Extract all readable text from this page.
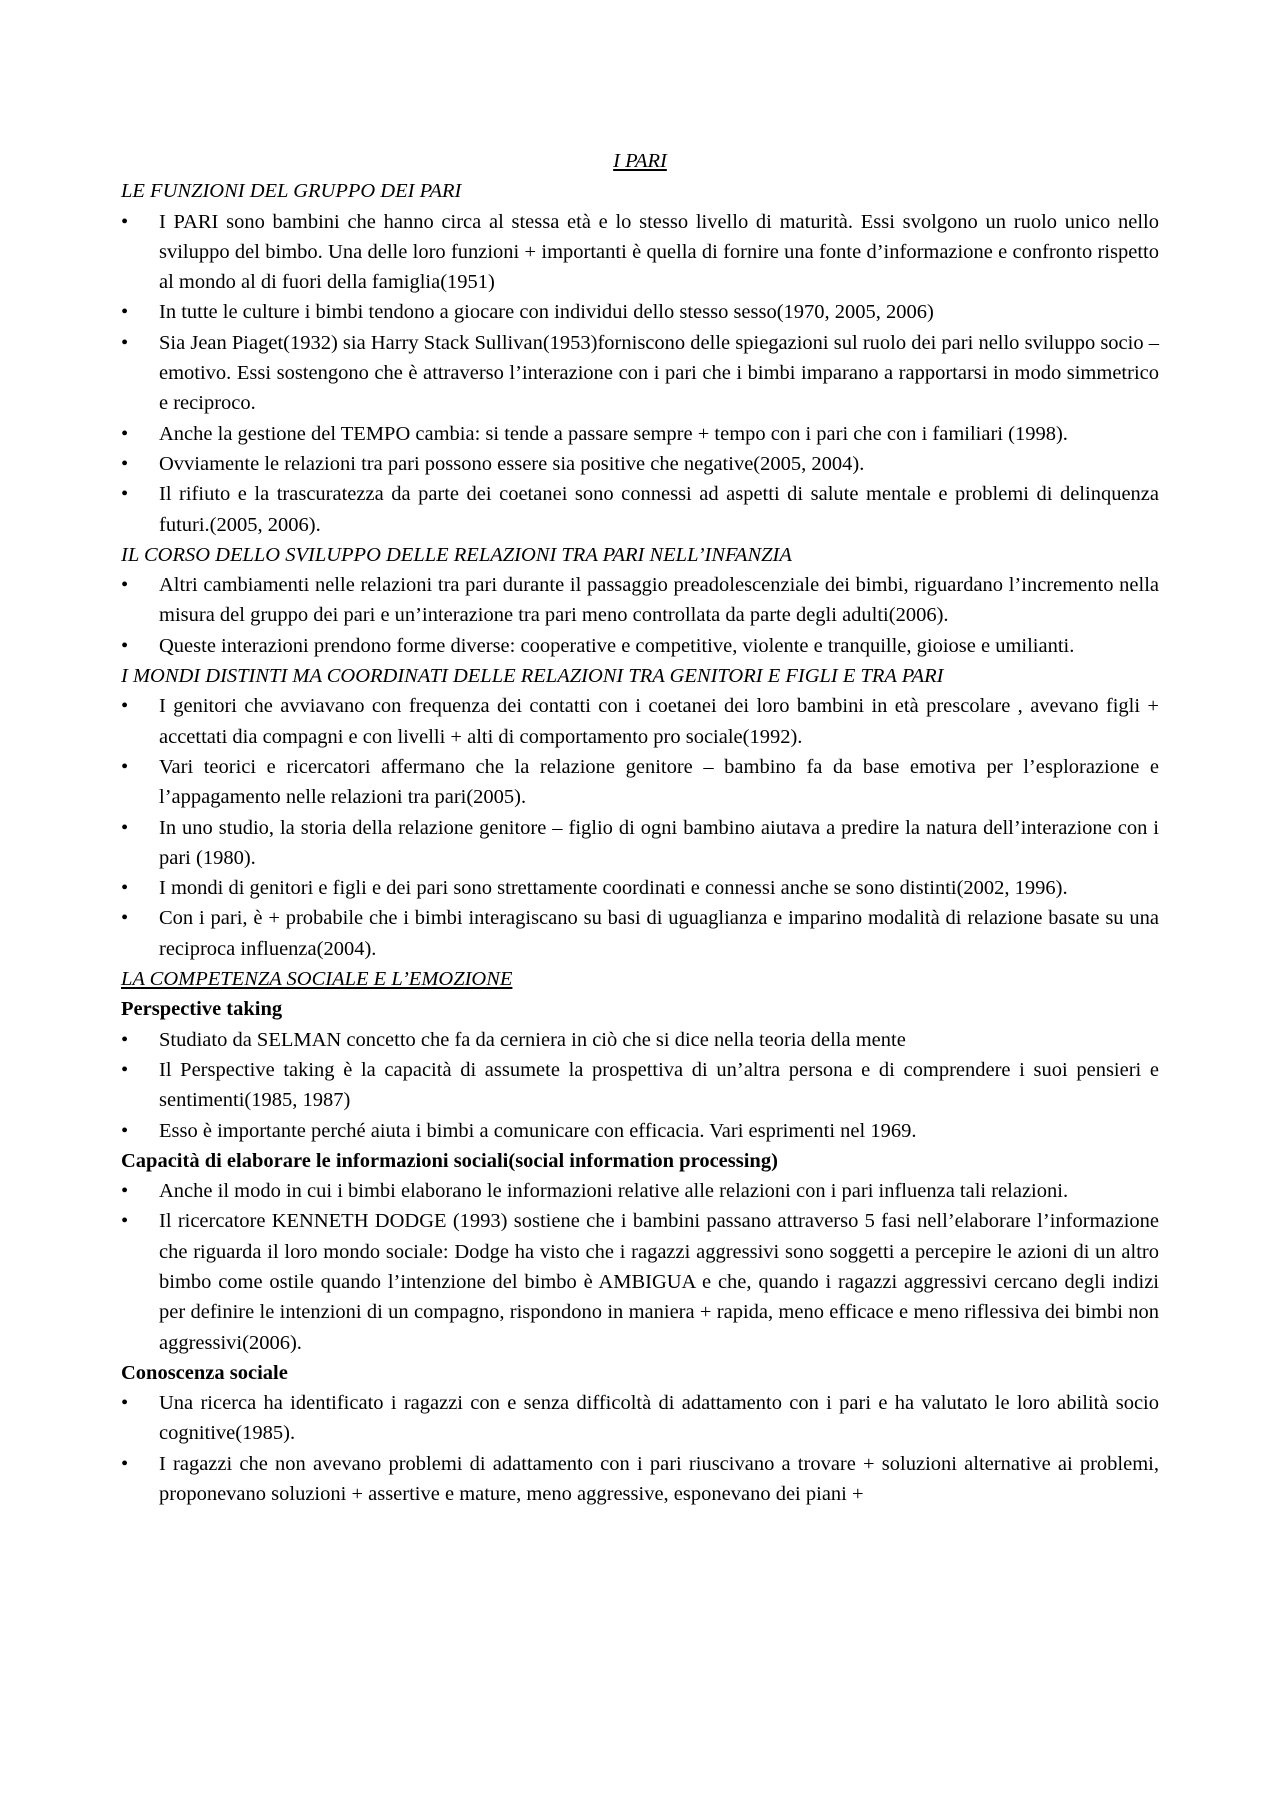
I PARI
LE FUNZIONI DEL GRUPPO DEI PARI
•	I PARI sono bambini che hanno circa al stessa età e lo stesso livello di maturità. Essi svolgono un ruolo unico nello sviluppo del bimbo. Una delle loro funzioni + importanti è quella di fornire una fonte d’informazione e confronto rispetto al mondo al di fuori della famiglia(1951)
•	In tutte le culture i bimbi tendono a giocare con individui dello stesso sesso(1970, 2005, 2006)
•	Sia Jean Piaget(1932) sia Harry Stack Sullivan(1953)forniscono delle spiegazioni sul ruolo dei pari nello sviluppo socio – emotivo. Essi sostengono che è attraverso l’interazione con i pari che i bimbi imparano a rapportarsi in modo simmetrico e reciproco.
•	Anche la gestione del TEMPO cambia: si tende a passare sempre + tempo con i pari che con i familiari (1998).
•	Ovviamente le relazioni tra pari possono essere sia positive che negative(2005, 2004).
•	Il rifiuto e la trascuratezza da parte dei coetanei sono connessi ad aspetti di salute mentale e problemi di delinquenza futuri.(2005, 2006).
IL CORSO DELLO SVILUPPO DELLE RELAZIONI TRA PARI NELL’INFANZIA
•	Altri cambiamenti nelle relazioni tra pari durante il passaggio preadolescenziale dei bimbi, riguardano l’incremento nella misura del gruppo dei pari e un’interazione tra pari meno controllata da parte degli adulti(2006).
•	Queste interazioni prendono forme diverse: cooperative e competitive, violente e tranquille, gioiose e umilianti.
I MONDI DISTINTI MA COORDINATI DELLE RELAZIONI TRA GENITORI E FIGLI E TRA PARI
•	I genitori che avviavano con frequenza dei contatti con i coetanei dei loro bambini in età prescolare , avevano figli + accettati dia compagni e con livelli + alti di comportamento pro sociale(1992).
•	Vari teorici e ricercatori affermano che la relazione genitore – bambino fa da base emotiva per l’esplorazione e l’appagamento nelle relazioni tra pari(2005).
•	In uno studio, la storia della relazione genitore – figlio di ogni bambino aiutava a predire la natura dell’interazione con i pari (1980).
•	I mondi di genitori e figli e dei pari sono strettamente coordinati e connessi anche se sono distinti(2002, 1996).
•	Con i pari, è + probabile che i bimbi interagiscano su basi di uguaglianza e imparino modalità di relazione basate su una reciproca influenza(2004).
LA COMPETENZA SOCIALE E L’EMOZIONE
Perspective taking
•	Studiato da SELMAN concetto che fa da cerniera in ciò che si dice nella teoria della mente
•	Il Perspective taking è la capacità di assumete la prospettiva di un’altra persona e di comprendere i suoi pensieri e sentimenti(1985, 1987)
•	Esso è importante perché aiuta i bimbi a comunicare con efficacia. Vari esprimenti nel 1969.
Capacità di elaborare le informazioni sociali(social information processing)
•	Anche il modo in cui i bimbi elaborano le informazioni relative alle relazioni con i pari influenza tali relazioni.
•	Il ricercatore KENNETH DODGE (1993) sostiene che i bambini passano attraverso 5 fasi nell’elaborare l’informazione che riguarda il loro mondo sociale: Dodge ha visto che i ragazzi aggressivi sono soggetti a percepire le azioni di un altro bimbo come ostile quando l’intenzione del bimbo è AMBIGUA e che, quando i ragazzi aggressivi cercano degli indizi per definire le intenzioni di un compagno, rispondono in maniera + rapida, meno efficace e meno riflessiva dei bimbi non aggressivi(2006).
Conoscenza sociale
•	Una ricerca ha identificato i ragazzi con e senza difficoltà di adattamento con i pari e ha valutato le loro abilità socio cognitive(1985).
•	I ragazzi che non avevano problemi di adattamento con i pari riuscivano a trovare + soluzioni alternative ai problemi, proponevano soluzioni + assertive e mature, meno aggressive, esponevano dei piani +
